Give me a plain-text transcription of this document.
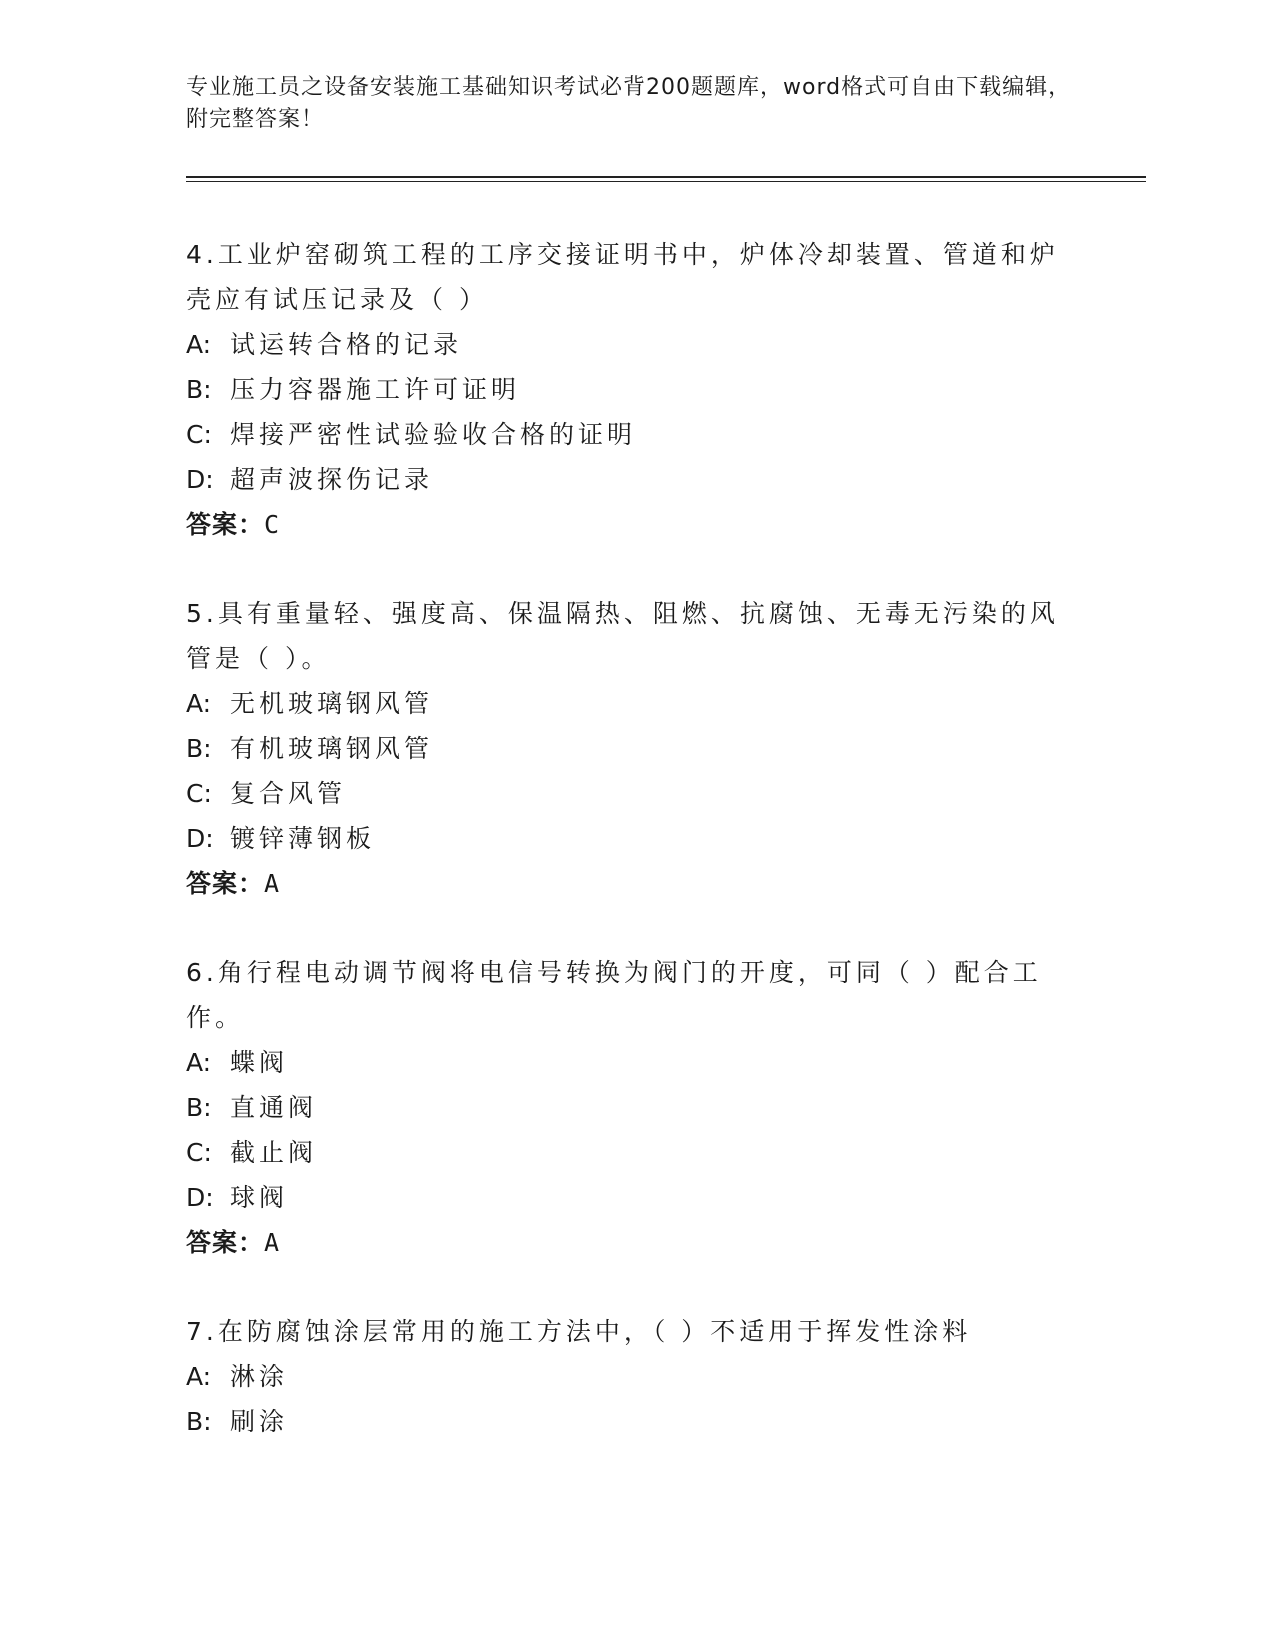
专业施工员之设备安装施工基础知识考试必背200题题库，word格式可自由下载编辑，附完整答案！
4.工业炉窑砌筑工程的工序交接证明书中，炉体冷却装置、管道和炉壳应有试压记录及（ ）
A: 试运转合格的记录
B: 压力容器施工许可证明
C: 焊接严密性试验验收合格的证明
D: 超声波探伤记录
答案：C
5.具有重量轻、强度高、保温隔热、阻燃、抗腐蚀、无毒无污染的风管是（ ）。
A: 无机玻璃钢风管
B: 有机玻璃钢风管
C: 复合风管
D: 镀锌薄钢板
答案：A
6.角行程电动调节阀将电信号转换为阀门的开度，可同（ ）配合工作。
A: 蝶阀
B: 直通阀
C: 截止阀
D: 球阀
答案：A
7.在防腐蚀涂层常用的施工方法中，（ ）不适用于挥发性涂料
A: 淋涂
B: 刷涂
